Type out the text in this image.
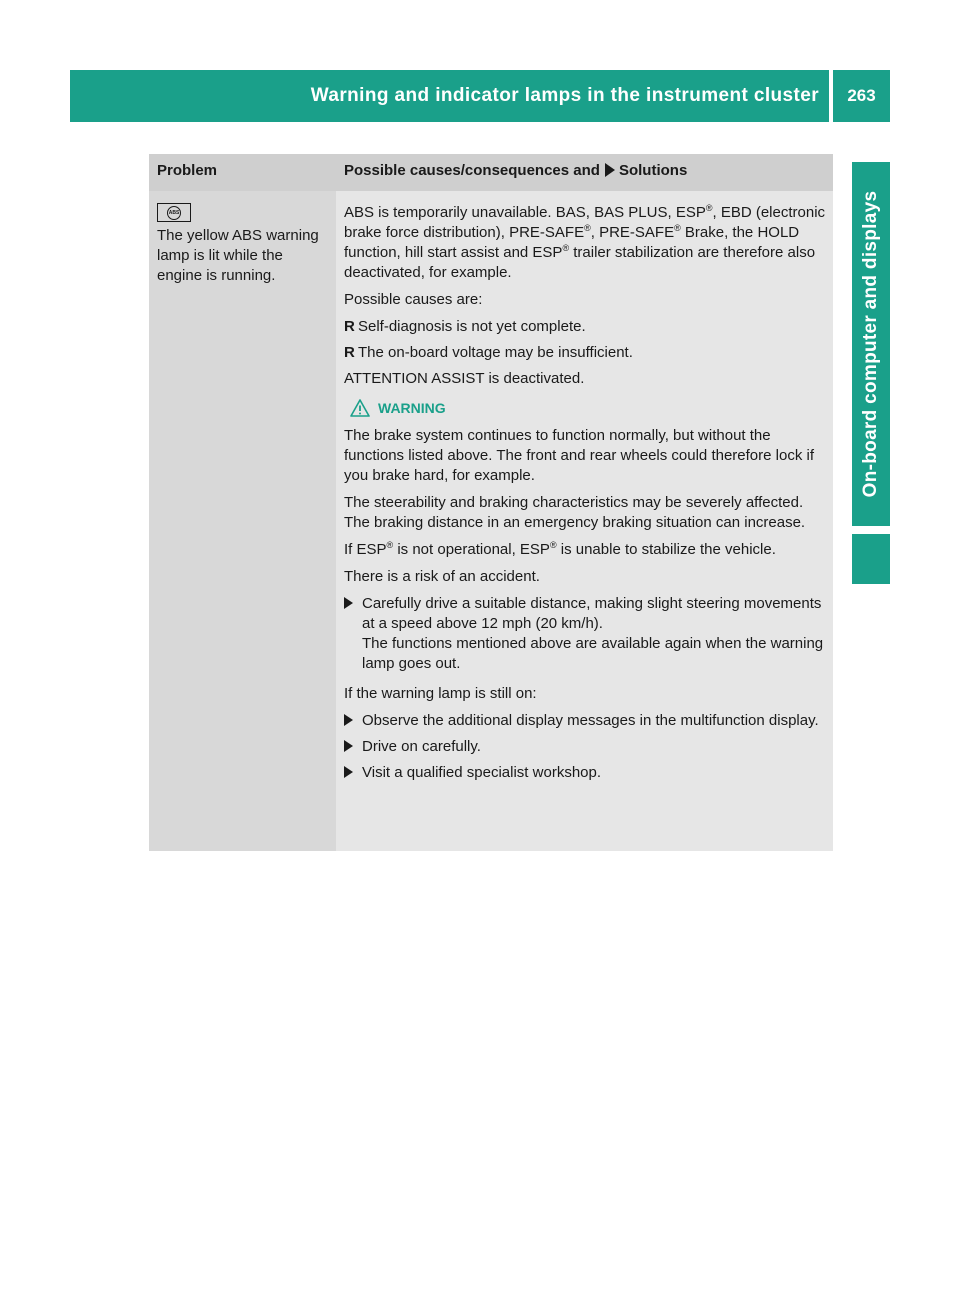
Warning and indicator lamps in the instrument cluster	263
On-board computer and displays
Problem	Possible causes/consequences and Solutions
ABS
The yellow ABS warning lamp is lit while the engine is running.

ABS is temporarily unavailable. BAS, BAS PLUS, ESP®, EBD (electronic brake force distribution), PRE-SAFE®, PRE-SAFE® Brake, the HOLD function, hill start assist and ESP® trailer stabilization are therefore also deactivated, for example.

Possible causes are:

R Self-diagnosis is not yet complete.
R The on-board voltage may be insufficient.

ATTENTION ASSIST is deactivated.

WARNING

The brake system continues to function normally, but without the functions listed above. The front and rear wheels could therefore lock if you brake hard, for example.

The steerability and braking characteristics may be severely affected. The braking distance in an emergency braking situation can increase.

If ESP® is not operational, ESP® is unable to stabilize the vehicle.

There is a risk of an accident.

Carefully drive a suitable distance, making slight steering movements at a speed above 12 mph (20 km/h).
The functions mentioned above are available again when the warning lamp goes out.

If the warning lamp is still on:

Observe the additional display messages in the multifunction display.
Drive on carefully.
Visit a qualified specialist workshop.
